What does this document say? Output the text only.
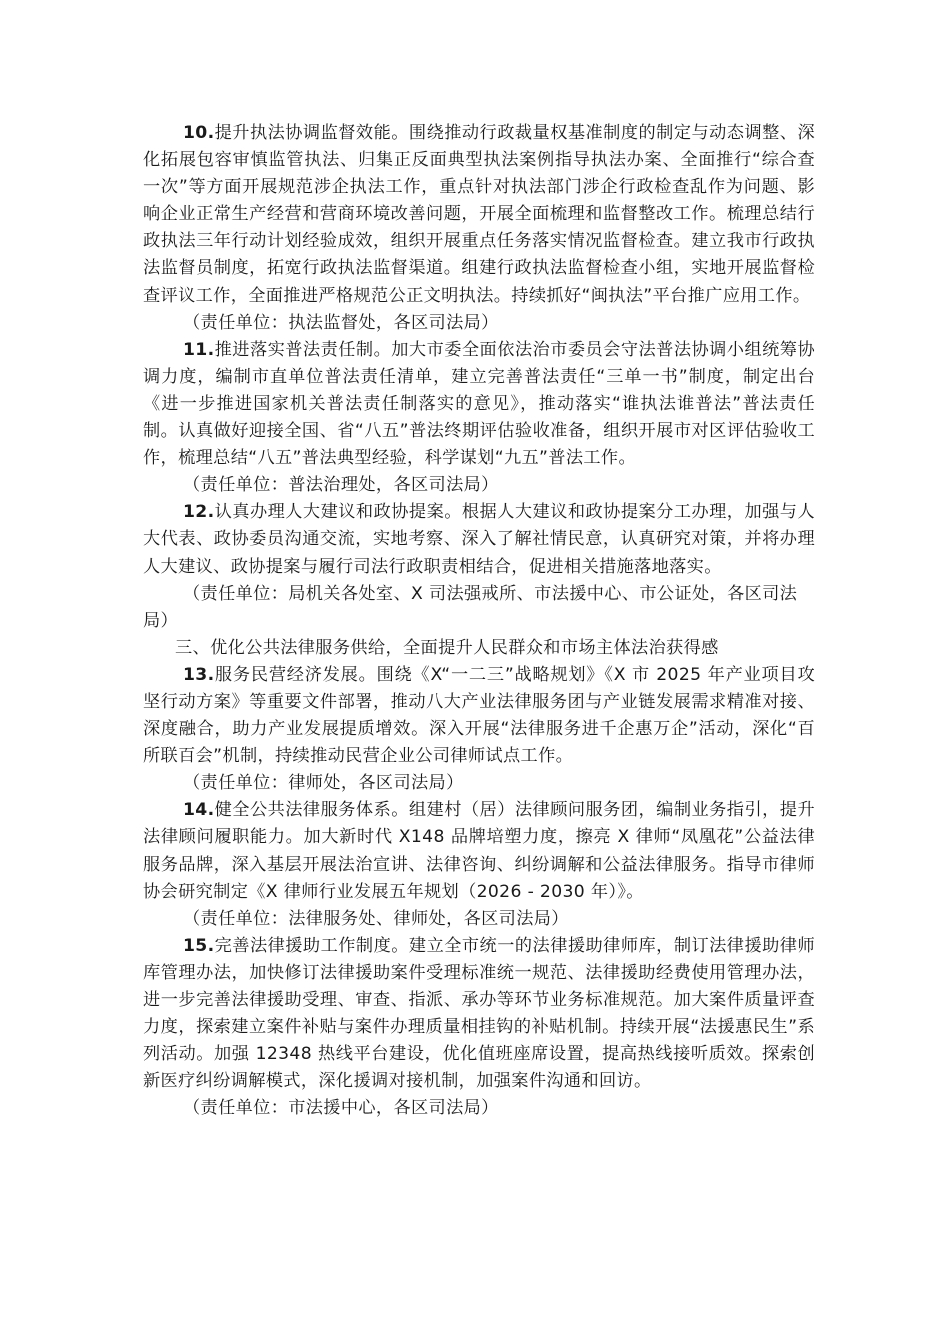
10.提升执法协调监督效能。围绕推动行政裁量权基准制度的制定与动态调整、深化拓展包容审慎监管执法、归集正反面典型执法案例指导执法办案、全面推行“综合查一次”等方面开展规范涉企执法工作，重点针对执法部门涉企行政检查乱作为问题、影响企业正常生产经营和营商环境改善问题，开展全面梳理和监督整改工作。梳理总结行政执法三年行动计划经验成效，组织开展重点任务落实情况监督检查。建立我市行政执法监督员制度，拓宽行政执法监督渠道。组建行政执法监督检查小组，实地开展监督检查评议工作，全面推进严格规范公正文明执法。持续抓好“闽执法”平台推广应用工作。

（责任单位：执法监督处，各区司法局）

11.推进落实普法责任制。加大市委全面依法治市委员会守法普法协调小组统筹协调力度，编制市直单位普法责任清单，建立完善普法责任“三单一书”制度，制定出台《进一步推进国家机关普法责任制落实的意见》，推动落实“谁执法谁普法”普法责任制。认真做好迎接全国、省“八五”普法终期评估验收准备，组织开展市对区评估验收工作，梳理总结“八五”普法典型经验，科学谋划“九五”普法工作。

（责任单位：普法治理处，各区司法局）

12.认真办理人大建议和政协提案。根据人大建议和政协提案分工办理，加强与人大代表、政协委员沟通交流，实地考察、深入了解社情民意，认真研究对策，并将办理人大建议、政协提案与履行司法行政职责相结合，促进相关措施落地落实。

（责任单位：局机关各处室、X 司法强戒所、市法援中心、市公证处，各区司法局）

三、优化公共法律服务供给，全面提升人民群众和市场主体法治获得感

13.服务民营经济发展。围绕《X“一二三”战略规划》《X 市 2025 年产业项目攻坚行动方案》等重要文件部署，推动八大产业法律服务团与产业链发展需求精准对接、深度融合，助力产业发展提质增效。深入开展“法律服务进千企惠万企”活动，深化“百所联百会”机制，持续推动民营企业公司律师试点工作。

（责任单位：律师处，各区司法局）

14.健全公共法律服务体系。组建村（居）法律顾问服务团，编制业务指引，提升法律顾问履职能力。加大新时代 X148 品牌培塑力度，擦亮 X 律师“凤凰花”公益法律服务品牌，深入基层开展法治宣讲、法律咨询、纠纷调解和公益法律服务。指导市律师协会研究制定《X 律师行业发展五年规划（2026 - 2030 年）》。

（责任单位：法律服务处、律师处，各区司法局）

15.完善法律援助工作制度。建立全市统一的法律援助律师库，制订法律援助律师库管理办法，加快修订法律援助案件受理标准统一规范、法律援助经费使用管理办法，进一步完善法律援助受理、审查、指派、承办等环节业务标准规范。加大案件质量评查力度，探索建立案件补贴与案件办理质量相挂钩的补贴机制。持续开展“法援惠民生”系列活动。加强 12348 热线平台建设，优化值班座席设置，提高热线接听质效。探索创新医疗纠纷调解模式，深化援调对接机制，加强案件沟通和回访。

（责任单位：市法援中心，各区司法局）
